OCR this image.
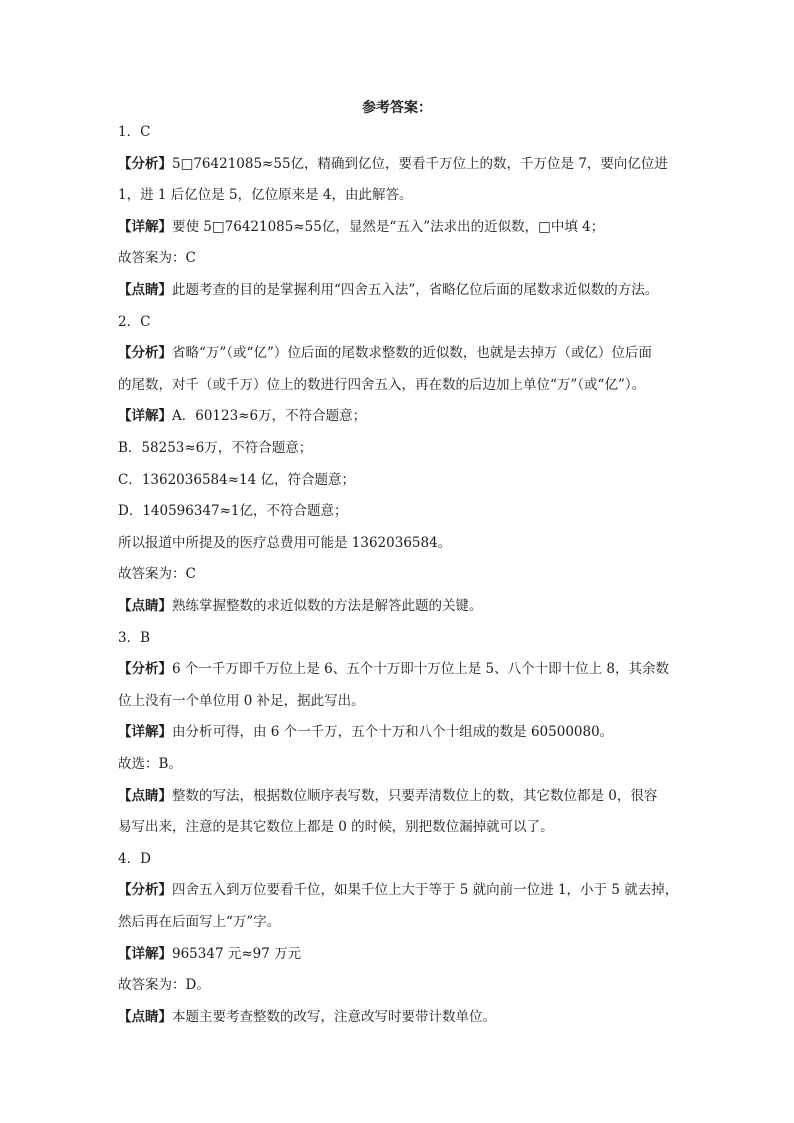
参考答案：
1．C
【分析】5□76421085≈55亿，精确到亿位，要看千万位上的数，千万位是 7，要向亿位进
1，进 1 后亿位是 5，亿位原来是 4，由此解答。
【详解】要使 5□76421085≈55亿，显然是“五入”法求出的近似数，□中填 4；
故答案为：C
【点睛】此题考查的目的是掌握利用“四舍五入法”，省略亿位后面的尾数求近似数的方法。
2．C
【分析】省略“万”（或“亿”）位后面的尾数求整数的近似数，也就是去掉万（或亿）位后面
的尾数，对千（或千万）位上的数进行四舍五入，再在数的后边加上单位“万”（或“亿”）。
【详解】A．60123≈6万，不符合题意；
B．58253≈6万，不符合题意；
C．1362036584≈14 亿，符合题意；
D．140596347≈1亿，不符合题意；
所以报道中所提及的医疗总费用可能是 1362036584。
故答案为：C
【点睛】熟练掌握整数的求近似数的方法是解答此题的关键。
3．B
【分析】6 个一千万即千万位上是 6、五个十万即十万位上是 5、八个十即十位上 8，其余数
位上没有一个单位用 0 补足，据此写出。
【详解】由分析可得，由 6 个一千万，五个十万和八个十组成的数是 60500080。
故选：B。
【点睛】整数的写法，根据数位顺序表写数，只要弄清数位上的数，其它数位都是 0，很容
易写出来，注意的是其它数位上都是 0 的时候，别把数位漏掉就可以了。
4．D
【分析】四舍五入到万位要看千位，如果千位上大于等于 5 就向前一位进 1，小于 5 就去掉，
然后再在后面写上“万”字。
【详解】965347 元≈97 万元
故答案为：D。
【点睛】本题主要考查整数的改写，注意改写时要带计数单位。
